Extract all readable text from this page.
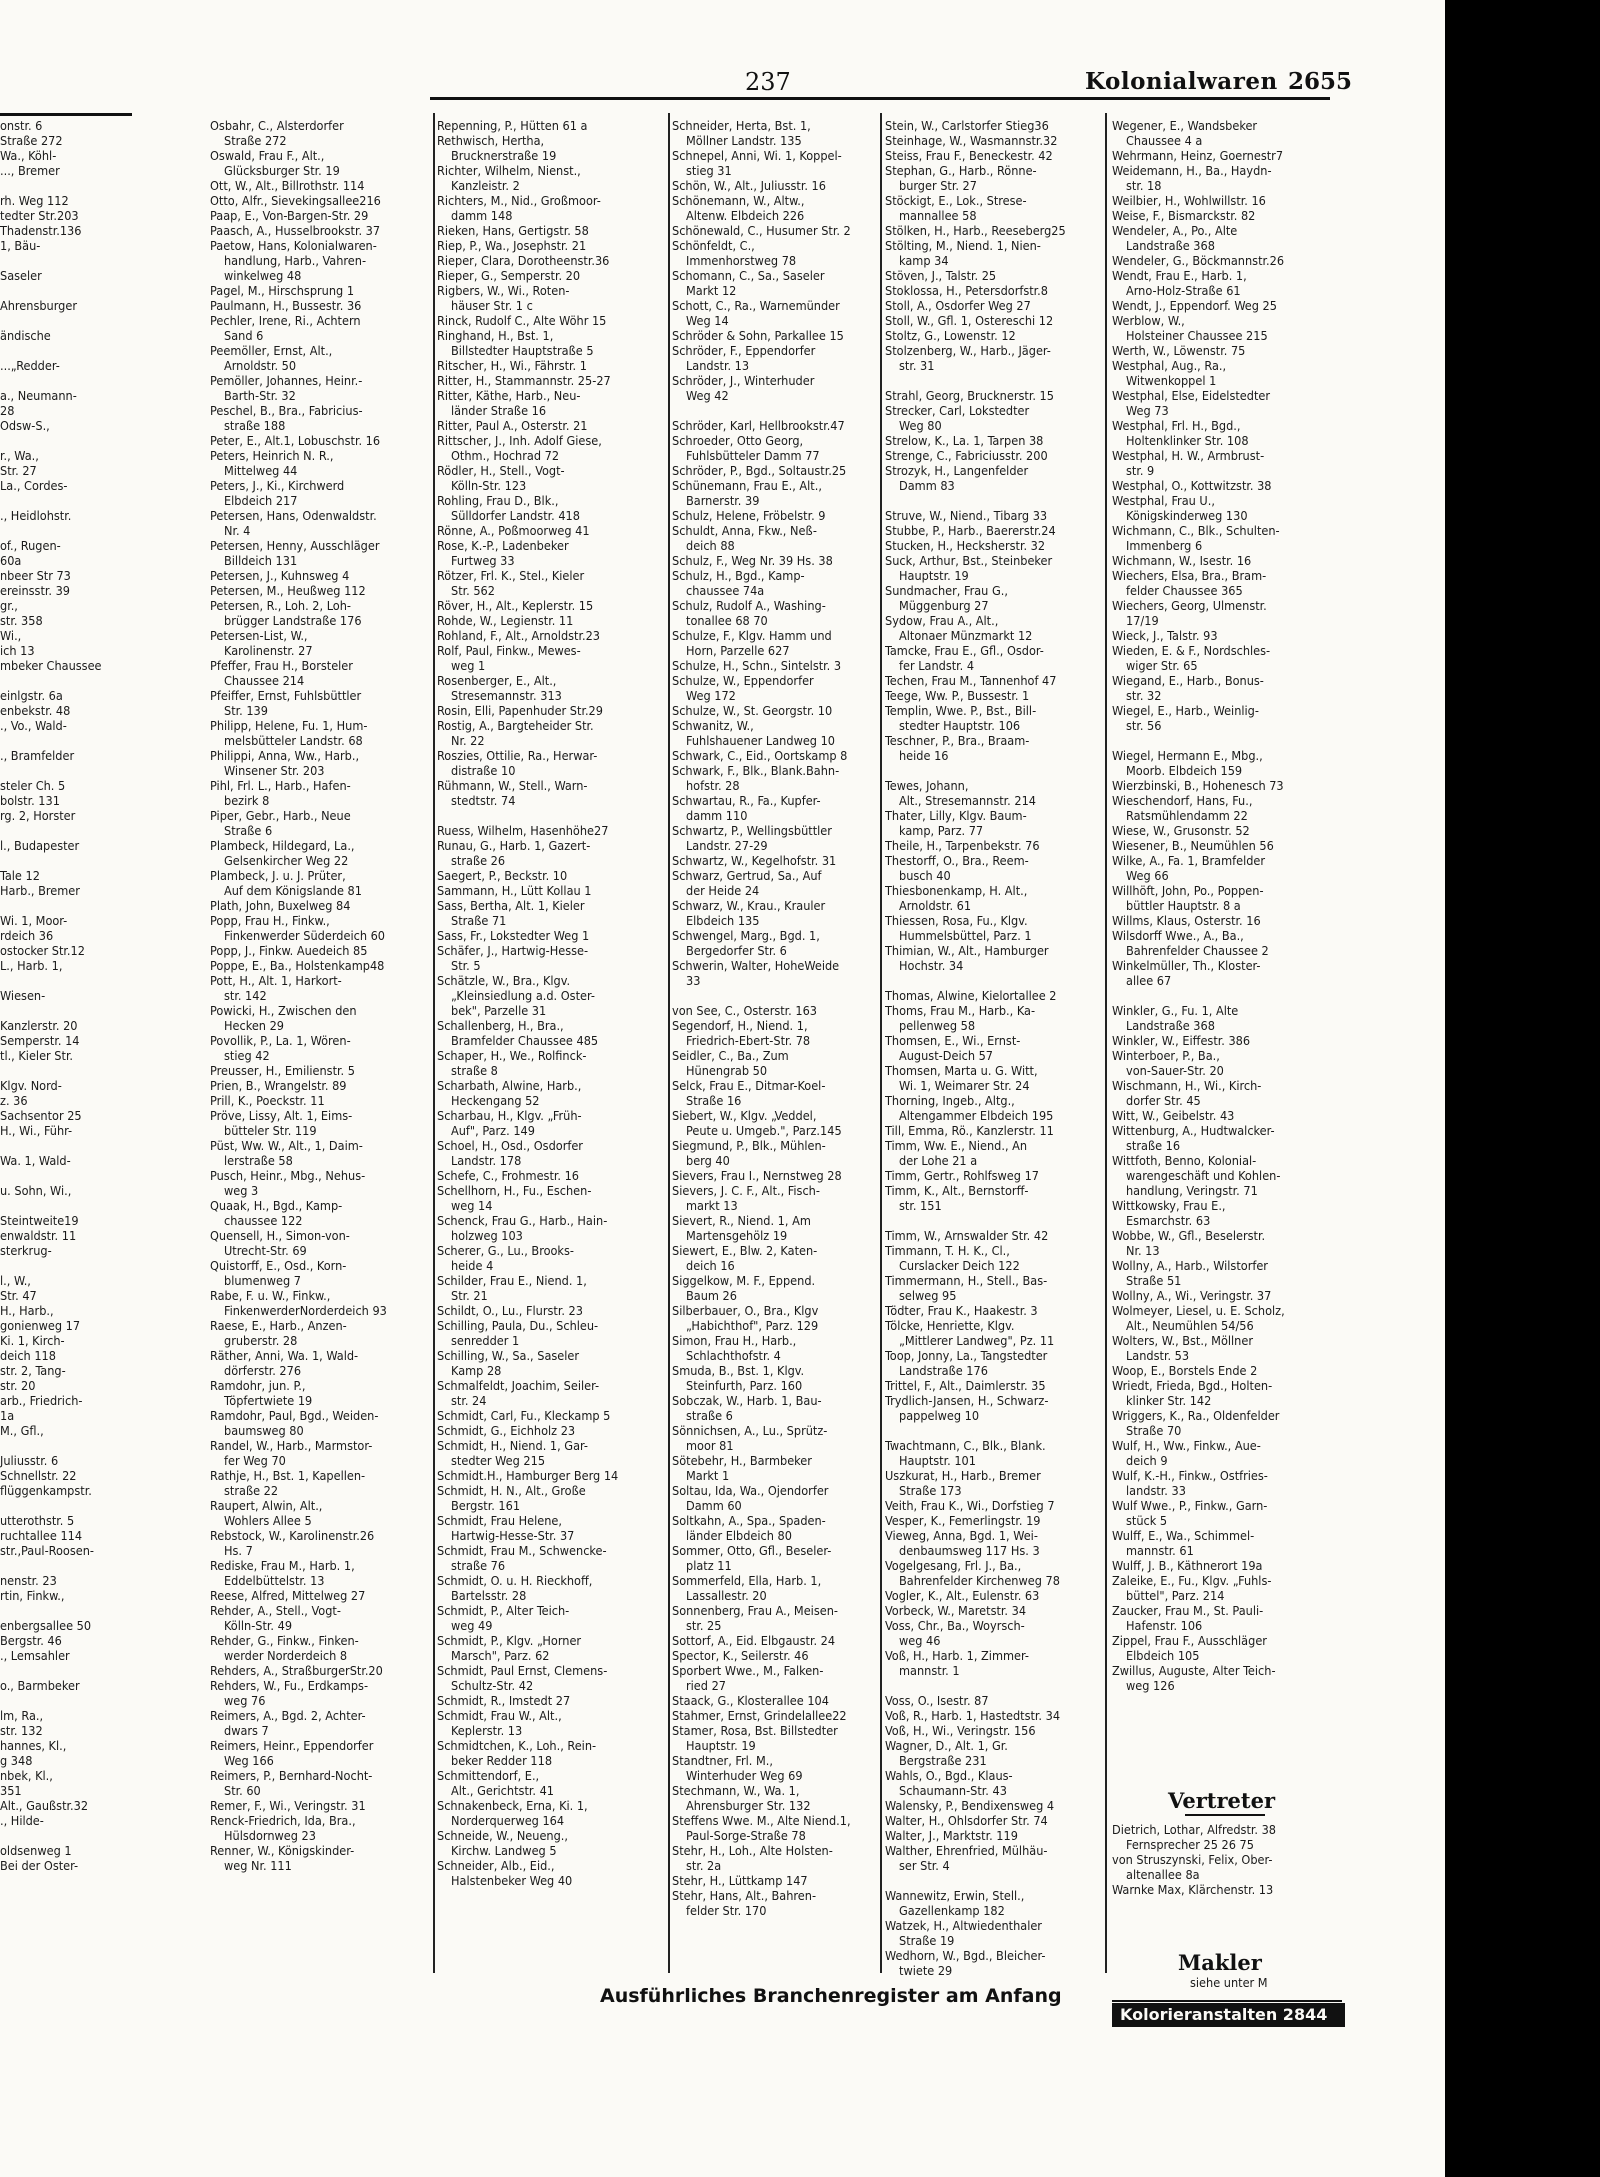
237	Kolonialwaren 2655
onstr. 6
Straße 272
Wa., Köhl-
..., Bremer

rh. Weg 112
tedter Str.203
Thadenstr.136
1, Bäu-

Saseler

Ahrensburger

ändische

...„Redder-

a., Neumann-
28
Odsw-S.,

r., Wa.,
Str. 27
La., Cordes-

., Heidlohstr.

of., Rugen-
60a
nbeer Str 73
ereinsstr. 39
gr.,
str. 358
Wi.,
ich 13
mbeker Chaussee

einlgstr. 6a
enbekstr. 48
., Vo., Wald-

., Bramfelder

steler Ch. 5
bolstr. 131
rg. 2, Horster

l., Budapester

Tale 12
Harb., Bremer

Wi. 1, Moor-
rdeich 36
ostocker Str.12
L., Harb. 1,

Wiesen-

Kanzlerstr. 20
Semperstr. 14
tl., Kieler Str.

Klgv. Nord-
z. 36
Sachsentor 25
H., Wi., Führ-

Wa. 1, Wald-

u. Sohn, Wi.,

Steintweite19
enwaldstr. 11
sterkrug-

l., W.,
Str. 47
H., Harb.,
gonienweg 17
Ki. 1, Kirch-
deich 118
str. 2, Tang-
str. 20
arb., Friedrich-
1a
M., Gfl.,

Juliusstr. 6
Schnellstr. 22
flüggenkampstr.

utterothstr. 5
ruchtallee 114
str.,Paul-Roosen-

nenstr. 23
rtin, Finkw.,

enbergsallee 50
Bergstr. 46
., Lemsahler

o., Barmbeker

lm, Ra.,
str. 132
hannes, Kl.,
g 348
nbek, Kl.,
351
Alt., Gaußstr.32
., Hilde-

oldsenweg 1
Bei der Oster-
Osbahr, C., Alsterdorfer
Straße 272
Oswald, Frau F., Alt.,
Glücksburger Str. 19
Ott, W., Alt., Billrothstr. 114
Otto, Alfr., Sievekingsallee216
Paap, E., Von-Bargen-Str. 29
Paasch, A., Husselbrookstr. 37
Paetow, Hans, Kolonialwaren-
handlung, Harb., Vahren-
winkelweg 48
Pagel, M., Hirschsprung 1
Paulmann, H., Bussestr. 36
Pechler, Irene, Ri., Achtern
Sand 6
Peemöller, Ernst, Alt.,
Arnoldstr. 50
Pemöller, Johannes, Heinr.-
Barth-Str. 32
Peschel, B., Bra., Fabricius-
straße 188
Peter, E., Alt.1, Lobuschstr. 16
Peters, Heinrich N. R.,
Mittelweg 44
Peters, J., Ki., Kirchwerd
Elbdeich 217
Petersen, Hans, Odenwaldstr.
Nr. 4
Petersen, Henny, Ausschläger
Billdeich 131
Petersen, J., Kuhnsweg 4
Petersen, M., Heußweg 112
Petersen, R., Loh. 2, Loh-
brügger Landstraße 176
Petersen-List, W.,
Karolinenstr. 27
Pfeffer, Frau H., Borsteler
Chaussee 214
Pfeiffer, Ernst, Fuhlsbüttler
Str. 139
Philipp, Helene, Fu. 1, Hum-
melsbütteler Landstr. 68
Philippi, Anna, Ww., Harb.,
Winsener Str. 203
Pihl, Frl. L., Harb., Hafen-
bezirk 8
Piper, Gebr., Harb., Neue
Straße 6
Plambeck, Hildegard, La.,
Gelsenkircher Weg 22
Plambeck, J. u. J. Prüter,
Auf dem Königslande 81
Plath, John, Buxelweg 84
Popp, Frau H., Finkw.,
Finkenwerder Süderdeich 60
Popp, J., Finkw. Auedeich 85
Poppe, E., Ba., Holstenkamp48
Pott, H., Alt. 1, Harkort-
str. 142
Powicki, H., Zwischen den
Hecken 29
Povollik, P., La. 1, Wören-
stieg 42
Preusser, H., Emilienstr. 5
Prien, B., Wrangelstr. 89
Prill, K., Poeckstr. 11
Pröve, Lissy, Alt. 1, Eims-
bütteler Str. 119
Püst, Ww. W., Alt., 1, Daim-
lerstraße 58
Pusch, Heinr., Mbg., Nehus-
weg 3
Quaak, H., Bgd., Kamp-
chaussee 122
Quensell, H., Simon-von-
Utrecht-Str. 69
Quistorff, E., Osd., Korn-
blumenweg 7
Rabe, F. u. W., Finkw.,
FinkenwerderNorderdeich 93
Raese, E., Harb., Anzen-
gruberstr. 28
Räther, Anni, Wa. 1, Wald-
dörferstr. 276
Ramdohr, jun. P.,
Töpfertwiete 19
Ramdohr, Paul, Bgd., Weiden-
baumsweg 80
Randel, W., Harb., Marmstor-
fer Weg 70
Rathje, H., Bst. 1, Kapellen-
straße 22
Raupert, Alwin, Alt.,
Wohlers Allee 5
Rebstock, W., Karolinenstr.26
Hs. 7
Rediske, Frau M., Harb. 1,
Eddelbüttelstr. 13
Reese, Alfred, Mittelweg 27
Rehder, A., Stell., Vogt-
Kölln-Str. 49
Rehder, G., Finkw., Finken-
werder Norderdeich 8
Rehders, A., StraßburgerStr.20
Rehders, W., Fu., Erdkamps-
weg 76
Reimers, A., Bgd. 2, Achter-
dwars 7
Reimers, Heinr., Eppendorfer
Weg 166
Reimers, P., Bernhard-Nocht-
Str. 60
Remer, F., Wi., Veringstr. 31
Renck-Friedrich, Ida, Bra.,
Hülsdornweg 23
Renner, W., Königskinder-
weg Nr. 111
Repenning, P., Hütten 61 a
Rethwisch, Hertha,
Brucknerstraße 19
Richter, Wilhelm, Nienst.,
Kanzleistr. 2
Richters, M., Nid., Großmoor-
damm 148
Rieken, Hans, Gertigstr. 58
Riep, P., Wa., Josephstr. 21
Rieper, Clara, Dorotheenstr.36
Rieper, G., Semperstr. 20
Rigbers, W., Wi., Roten-
häuser Str. 1 c
Rinck, Rudolf C., Alte Wöhr 15
Ringhand, H., Bst. 1,
Billstedter Hauptstraße 5
Ritscher, H., Wi., Fährstr. 1
Ritter, H., Stammannstr. 25-27
Ritter, Käthe, Harb., Neu-
länder Straße 16
Ritter, Paul A., Osterstr. 21
Rittscher, J., Inh. Adolf Giese,
Othm., Hochrad 72
Rödler, H., Stell., Vogt-
Kölln-Str. 123
Rohling, Frau D., Blk.,
Sülldorfer Landstr. 418
Rönne, A., Poßmoorweg 41
Rose, K.-P., Ladenbeker
Furtweg 33
Rötzer, Frl. K., Stel., Kieler
Str. 562
Röver, H., Alt., Keplerstr. 15
Rohde, W., Legienstr. 11
Rohland, F., Alt., Arnoldstr.23
Rolf, Paul, Finkw., Mewes-
weg 1
Rosenberger, E., Alt.,
Stresemannstr. 313
Rosin, Elli, Papenhuder Str.29
Rostig, A., Bargteheider Str.
Nr. 22
Roszies, Ottilie, Ra., Herwar-
distraße 10
Rühmann, W., Stell., Warn-
stedtstr. 74

Ruess, Wilhelm, Hasenhöhe27
Runau, G., Harb. 1, Gazert-
straße 26
Saegert, P., Beckstr. 10
Sammann, H., Lütt Kollau 1
Sass, Bertha, Alt. 1, Kieler
Straße 71
Sass, Fr., Lokstedter Weg 1
Schäfer, J., Hartwig-Hesse-
Str. 5
Schätzle, W., Bra., Klgv.
„Kleinsiedlung a.d. Oster-
bek", Parzelle 31
Schallenberg, H., Bra.,
Bramfelder Chaussee 485
Schaper, H., We., Rolfinck-
straße 8
Scharbath, Alwine, Harb.,
Heckengang 52
Scharbau, H., Klgv. „Früh-
Auf", Parz. 149
Schoel, H., Osd., Osdorfer
Landstr. 178
Schefe, C., Frohmestr. 16
Schellhorn, H., Fu., Eschen-
weg 14
Schenck, Frau G., Harb., Hain-
holzweg 103
Scherer, G., Lu., Brooks-
heide 4
Schilder, Frau E., Niend. 1,
Str. 21
Schildt, O., Lu., Flurstr. 23
Schilling, Paula, Du., Schleu-
senredder 1
Schilling, W., Sa., Saseler
Kamp 28
Schmalfeldt, Joachim, Seiler-
str. 24
Schmidt, Carl, Fu., Kleckamp 5
Schmidt, G., Eichholz 23
Schmidt, H., Niend. 1, Gar-
stedter Weg 215
Schmidt.H., Hamburger Berg 14
Schmidt, H. N., Alt., Große
Bergstr. 161
Schmidt, Frau Helene,
Hartwig-Hesse-Str. 37
Schmidt, Frau M., Schwencke-
straße 76
Schmidt, O. u. H. Rieckhoff,
Bartelsstr. 28
Schmidt, P., Alter Teich-
weg 49
Schmidt, P., Klgv. „Horner
Marsch", Parz. 62
Schmidt, Paul Ernst, Clemens-
Schultz-Str. 42
Schmidt, R., Imstedt 27
Schmidt, Frau W., Alt.,
Keplerstr. 13
Schmidtchen, K., Loh., Rein-
beker Redder 118
Schmittendorf, E.,
Alt., Gerichtstr. 41
Schnakenbeck, Erna, Ki. 1,
Norderquerweg 164
Schneide, W., Neueng.,
Kirchw. Landweg 5
Schneider, Alb., Eid.,
Halstenbeker Weg 40
Schneider, Herta, Bst. 1,
Möllner Landstr. 135
Schnepel, Anni, Wi. 1, Koppel-
stieg 31
Schön, W., Alt., Juliusstr. 16
Schönemann, W., Altw.,
Altenw. Elbdeich 226
Schönewald, C., Husumer Str. 2
Schönfeldt, C.,
Immenhorstweg 78
Schomann, C., Sa., Saseler
Markt 12
Schott, C., Ra., Warnemünder
Weg 14
Schröder & Sohn, Parkallee 15
Schröder, F., Eppendorfer
Landstr. 13
Schröder, J., Winterhuder
Weg 42

Schröder, Karl, Hellbrookstr.47
Schroeder, Otto Georg,
Fuhlsbütteler Damm 77
Schröder, P., Bgd., Soltaustr.25
Schünemann, Frau E., Alt.,
Barnerstr. 39
Schulz, Helene, Fröbelstr. 9
Schuldt, Anna, Fkw., Neß-
deich 88
Schulz, F., Weg Nr. 39 Hs. 38
Schulz, H., Bgd., Kamp-
chaussee 74a
Schulz, Rudolf A., Washing-
tonallee 68 70
Schulze, F., Klgv. Hamm und
Horn, Parzelle 627
Schulze, H., Schn., Sintelstr. 3
Schulze, W., Eppendorfer
Weg 172
Schulze, W., St. Georgstr. 10
Schwanitz, W.,
Fuhlshauener Landweg 10
Schwark, C., Eid., Oortskamp 8
Schwark, F., Blk., Blank.Bahn-
hofstr. 28
Schwartau, R., Fa., Kupfer-
damm 110
Schwartz, P., Wellingsbüttler
Landstr. 27-29
Schwartz, W., Kegelhofstr. 31
Schwarz, Gertrud, Sa., Auf
der Heide 24
Schwarz, W., Krau., Krauler
Elbdeich 135
Schwengel, Marg., Bgd. 1,
Bergedorfer Str. 6
Schwerin, Walter, HoheWeide
33

von See, C., Osterstr. 163
Segendorf, H., Niend. 1,
Friedrich-Ebert-Str. 78
Seidler, C., Ba., Zum
Hünengrab 50
Selck, Frau E., Ditmar-Koel-
Straße 16
Siebert, W., Klgv. „Veddel,
Peute u. Umgeb.", Parz.145
Siegmund, P., Blk., Mühlen-
berg 40
Sievers, Frau I., Nernstweg 28
Sievers, J. C. F., Alt., Fisch-
markt 13
Sievert, R., Niend. 1, Am
Martensgehölz 19
Siewert, E., Blw. 2, Katen-
deich 16
Siggelkow, M. F., Eppend.
Baum 26
Silberbauer, O., Bra., Klgv
„Habichthof", Parz. 129
Simon, Frau H., Harb.,
Schlachthofstr. 4
Smuda, B., Bst. 1, Klgv.
Steinfurth, Parz. 160
Sobczak, W., Harb. 1, Bau-
straße 6
Sönnichsen, A., Lu., Sprütz-
moor 81
Sötebehr, H., Barmbeker
Markt 1
Soltau, Ida, Wa., Ojendorfer
Damm 60
Soltkahn, A., Spa., Spaden-
länder Elbdeich 80
Sommer, Otto, Gfl., Beseler-
platz 11
Sommerfeld, Ella, Harb. 1,
Lassallestr. 20
Sonnenberg, Frau A., Meisen-
str. 25
Sottorf, A., Eid. Elbgaustr. 24
Spector, K., Seilerstr. 46
Sporbert Wwe., M., Falken-
ried 27
Staack, G., Klosterallee 104
Stahmer, Ernst, Grindelallee22
Stamer, Rosa, Bst. Billstedter
Hauptstr. 19
Standtner, Frl. M.,
Winterhuder Weg 69
Stechmann, W., Wa. 1,
Ahrensburger Str. 132
Steffens Wwe. M., Alte Niend.1,
Paul-Sorge-Straße 78
Stehr, H., Loh., Alte Holsten-
str. 2a
Stehr, H., Lüttkamp 147
Stehr, Hans, Alt., Bahren-
felder Str. 170
Stein, W., Carlstorfer Stieg36
Steinhage, W., Wasmannstr.32
Steiss, Frau F., Beneckestr. 42
Stephan, G., Harb., Rönne-
burger Str. 27
Stöckigt, E., Lok., Strese-
mannallee 58
Stölken, H., Harb., Reeseberg25
Stölting, M., Niend. 1, Nien-
kamp 34
Stöven, J., Talstr. 25
Stoklossa, H., Petersdorfstr.8
Stoll, A., Osdorfer Weg 27
Stoll, W., Gfl. 1, Ostereschi 12
Stoltz, G., Lowenstr. 12
Stolzenberg, W., Harb., Jäger-
str. 31

Strahl, Georg, Brucknerstr. 15
Strecker, Carl, Lokstedter
Weg 80
Strelow, K., La. 1, Tarpen 38
Strenge, C., Fabriciusstr. 200
Strozyk, H., Langenfelder
Damm 83

Struve, W., Niend., Tibarg 33
Stubbe, P., Harb., Baererstr.24
Stucken, H., Hecksherstr. 32
Suck, Arthur, Bst., Steinbeker
Hauptstr. 19
Sundmacher, Frau G.,
Müggenburg 27
Sydow, Frau A., Alt.,
Altonaer Münzmarkt 12
Tamcke, Frau E., Gfl., Osdor-
fer Landstr. 4
Techen, Frau M., Tannenhof 47
Teege, Ww. P., Bussestr. 1
Templin, Wwe. P., Bst., Bill-
stedter Hauptstr. 106
Teschner, P., Bra., Braam-
heide 16

Tewes, Johann,
Alt., Stresemannstr. 214
Thater, Lilly, Klgv. Baum-
kamp, Parz. 77
Theile, H., Tarpenbekstr. 76
Thestorff, O., Bra., Reem-
busch 40
Thiesbonenkamp, H. Alt.,
Arnoldstr. 61
Thiessen, Rosa, Fu., Klgv.
Hummelsbüttel, Parz. 1
Thimian, W., Alt., Hamburger
Hochstr. 34

Thomas, Alwine, Kielortallee 2
Thoms, Frau M., Harb., Ka-
pellenweg 58
Thomsen, E., Wi., Ernst-
August-Deich 57
Thomsen, Marta u. G. Witt,
Wi. 1, Weimarer Str. 24
Thorning, Ingeb., Altg.,
Altengammer Elbdeich 195
Till, Emma, Rö., Kanzlerstr. 11
Timm, Ww. E., Niend., An
der Lohe 21 a
Timm, Gertr., Rohlfsweg 17
Timm, K., Alt., Bernstorff-
str. 151

Timm, W., Arnswalder Str. 42
Timmann, T. H. K., Cl.,
Curslacker Deich 122
Timmermann, H., Stell., Bas-
selweg 95
Tödter, Frau K., Haakestr. 3
Tölcke, Henriette, Klgv.
„Mittlerer Landweg", Pz. 11
Toop, Jonny, La., Tangstedter
Landstraße 176
Trittel, F., Alt., Daimlerstr. 35
Trydlich-Jansen, H., Schwarz-
pappelweg 10

Twachtmann, C., Blk., Blank.
Hauptstr. 101
Uszkurat, H., Harb., Bremer
Straße 173
Veith, Frau K., Wi., Dorfstieg 7
Vesper, K., Femerlingstr. 19
Vieweg, Anna, Bgd. 1, Wei-
denbaumsweg 117 Hs. 3
Vogelgesang, Frl. J., Ba.,
Bahrenfelder Kirchenweg 78
Vogler, K., Alt., Eulenstr. 63
Vorbeck, W., Maretstr. 34
Voss, Chr., Ba., Woyrsch-
weg 46
Voß, H., Harb. 1, Zimmer-
mannstr. 1

Voss, O., Isestr. 87
Voß, R., Harb. 1, Hastedtstr. 34
Voß, H., Wi., Veringstr. 156
Wagner, D., Alt. 1, Gr.
Bergstraße 231
Wahls, O., Bgd., Klaus-
Schaumann-Str. 43
Walensky, P., Bendixensweg 4
Walter, H., Ohlsdorfer Str. 74
Walter, J., Marktstr. 119
Walther, Ehrenfried, Mülhäu-
ser Str. 4

Wannewitz, Erwin, Stell.,
Gazellenkamp 182
Watzek, H., Altwiedenthaler
Straße 19
Wedhorn, W., Bgd., Bleicher-
twiete 29
Wegener, E., Wandsbeker
Chaussee 4 a
Wehrmann, Heinz, Goernestr7
Weidemann, H., Ba., Haydn-
str. 18
Weilbier, H., Wohlwillstr. 16
Weise, F., Bismarckstr. 82
Wendeler, A., Po., Alte
Landstraße 368
Wendeler, G., Böckmannstr.26
Wendt, Frau E., Harb. 1,
Arno-Holz-Straße 61
Wendt, J., Eppendorf. Weg 25
Werblow, W.,
Holsteiner Chaussee 215
Werth, W., Löwenstr. 75
Westphal, Aug., Ra.,
Witwenkoppel 1
Westphal, Else, Eidelstedter
Weg 73
Westphal, Frl. H., Bgd.,
Holtenklinker Str. 108
Westphal, H. W., Armbrust-
str. 9
Westphal, O., Kottwitzstr. 38
Westphal, Frau U.,
Königskinderweg 130
Wichmann, C., Blk., Schulten-
Immenberg 6
Wichmann, W., Isestr. 16
Wiechers, Elsa, Bra., Bram-
felder Chaussee 365
Wiechers, Georg, Ulmenstr.
17/19
Wieck, J., Talstr. 93
Wieden, E. & F., Nordschles-
wiger Str. 65
Wiegand, E., Harb., Bonus-
str. 32
Wiegel, E., Harb., Weinlig-
str. 56

Wiegel, Hermann E., Mbg.,
Moorb. Elbdeich 159
Wierzbinski, B., Hohenesch 73
Wieschendorf, Hans, Fu.,
Ratsmühlendamm 22
Wiese, W., Grusonstr. 52
Wiesener, B., Neumühlen 56
Wilke, A., Fa. 1, Bramfelder
Weg 66
Willhöft, John, Po., Poppen-
büttler Hauptstr. 8 a
Willms, Klaus, Osterstr. 16
Wilsdorff Wwe., A., Ba.,
Bahrenfelder Chaussee 2
Winkelmüller, Th., Kloster-
allee 67

Winkler, G., Fu. 1, Alte
Landstraße 368
Winkler, W., Eiffestr. 386
Winterboer, P., Ba.,
von-Sauer-Str. 20
Wischmann, H., Wi., Kirch-
dorfer Str. 45
Witt, W., Geibelstr. 43
Wittenburg, A., Hudtwalcker-
straße 16
Wittfoth, Benno, Kolonial-
warengeschäft und Kohlen-
handlung, Veringstr. 71
Wittkowsky, Frau E.,
Esmarchstr. 63
Wobbe, W., Gfl., Beselerstr.
Nr. 13
Wollny, A., Harb., Wilstorfer
Straße 51
Wollny, A., Wi., Veringstr. 37
Wolmeyer, Liesel, u. E. Scholz,
Alt., Neumühlen 54/56
Wolters, W., Bst., Möllner
Landstr. 53
Woop, E., Borstels Ende 2
Wriedt, Frieda, Bgd., Holten-
klinker Str. 142
Wriggers, K., Ra., Oldenfelder
Straße 70
Wulf, H., Ww., Finkw., Aue-
deich 9
Wulf, K.-H., Finkw., Ostfries-
landstr. 33
Wulf Wwe., P., Finkw., Garn-
stück 5
Wulff, E., Wa., Schimmel-
mannstr. 61
Wulff, J. B., Käthnerort 19a
Zaleike, E., Fu., Klgv. „Fuhls-
büttel", Parz. 214
Zaucker, Frau M., St. Pauli-
Hafenstr. 106
Zippel, Frau F., Ausschläger
Elbdeich 105
Zwillus, Auguste, Alter Teich-
weg 126
Vertreter
Dietrich, Lothar, Alfredstr. 38
Fernsprecher 25 26 75
von Struszynski, Felix, Ober-
altenallee 8a
Warnke Max, Klärchenstr. 13
Makler
siehe unter M
Kolorieranstalten 2844
Ausführliches Branchenregister am Anfang
